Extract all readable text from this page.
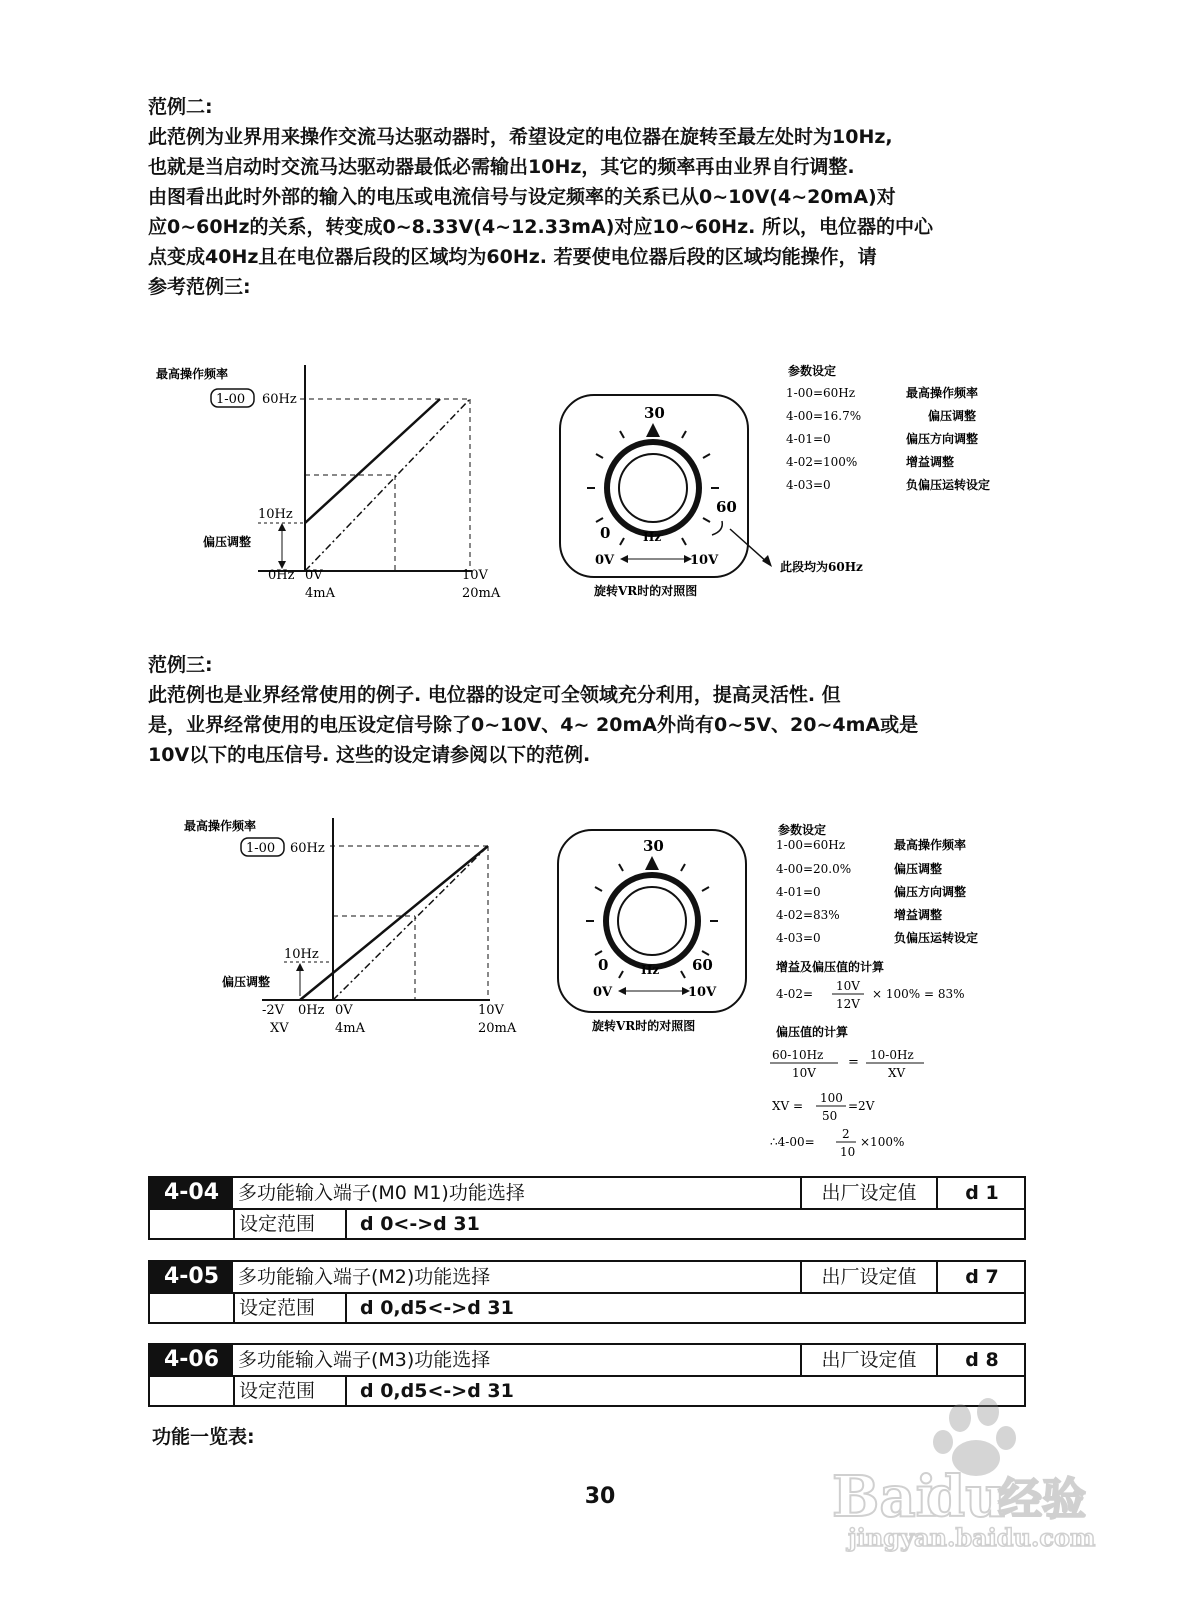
范例二:
此范例为业界用来操作交流马达驱动器时，希望设定的电位器在旋转至最左处时为10Hz,
也就是当启动时交流马达驱动器最低必需输出10Hz，其它的频率再由业界自行调整.
由图看出此时外部的输入的电压或电流信号与设定频率的关系已从0~10V(4~20mA)对
应0~60Hz的关系，转变成0~8.33V(4~12.33mA)对应10~60Hz. 所以，电位器的中心
点变成40Hz且在电位器后段的区域均为60Hz. 若要使电位器后段的区域均能操作，请
参考范例三:
最高操作频率
1-00 60Hz
10Hz
偏压调整
0Hz 0V
4mA
10V
20mA
30
0
60
Hz
0V	10V
旋转VR时的对照图
此段均为60Hz
参数设定
1-00=60Hz	最高操作频率
4-00=16.7%	偏压调整
4-01=0	偏压方向调整
4-02=100%	增益调整
4-03=0	负偏压运转设定
范例三:
此范例也是业界经常使用的例子. 电位器的设定可全领域充分利用，提高灵活性. 但
是，业界经常使用的电压设定信号除了0~10V、4~ 20mA外尚有0~5V、20~4mA或是
10V以下的电压信号. 这些的设定请参阅以下的范例.
最高操作频率
1-00 60Hz
10Hz
偏压调整
-2V
XV
0Hz 0V
4mA
10V
20mA
30
0	60
Hz
0V	10V
旋转VR时的对照图
参数设定
1-00=60Hz	最高操作频率
4-00=20.0%	偏压调整
4-01=0	偏压方向调整
4-02=83%	增益调整
4-03=0	负偏压运转设定
增益及偏压值的计算
4-02=
10V
12V
× 100% = 83%
偏压值的计算
60-10Hz
10V
= 10-0Hz
XV
XV =
100
50
=2V
∴4-00=
2
10
×100%
4-04 多功能输入端子(M0 M1)功能选择	出厂设定值	d 1
设定范围	d 0<->d 31
4-05 多功能输入端子(M2)功能选择	出厂设定值	d 7
设定范围	d 0,d5<->d 31
4-06 多功能输入端子(M3)功能选择	出厂设定值	d 8
设定范围	d 0,d5<->d 31
功能一览表:
30	Bai
du
经验
jingyan.baidu.com
